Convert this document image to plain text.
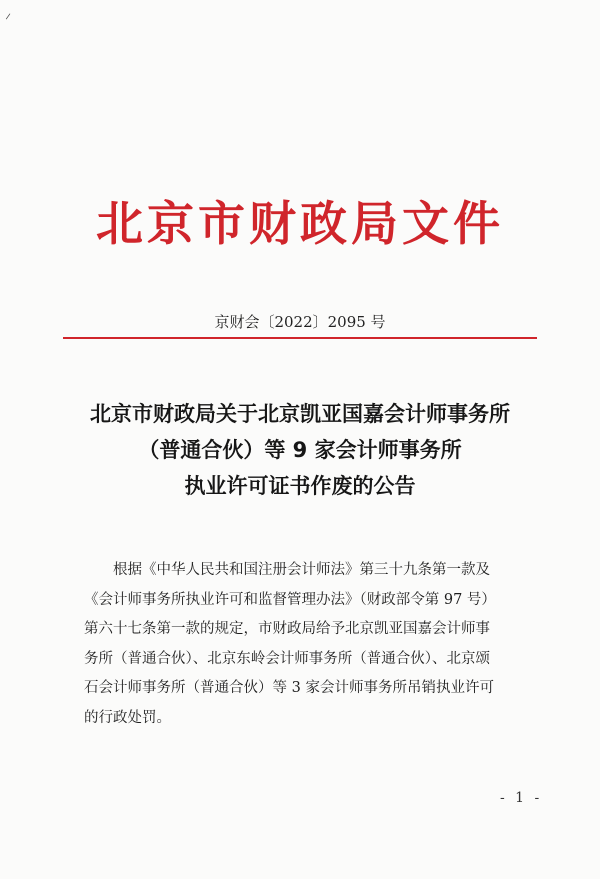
⸝
北京市财政局文件
京财会〔2022〕2095 号
北京市财政局关于北京凯亚国嘉会计师事务所
（普通合伙）等 9 家会计师事务所
执业许可证书作废的公告
根据《中华人民共和国注册会计师法》第三十九条第一款及
《会计师事务所执业许可和监督管理办法》（财政部令第 97 号）
第六十七条第一款的规定，市财政局给予北京凯亚国嘉会计师事
务所（普通合伙）、北京东岭会计师事务所（普通合伙）、北京颂
石会计师事务所（普通合伙）等 3 家会计师事务所吊销执业许可
的行政处罚。
- 1 -
